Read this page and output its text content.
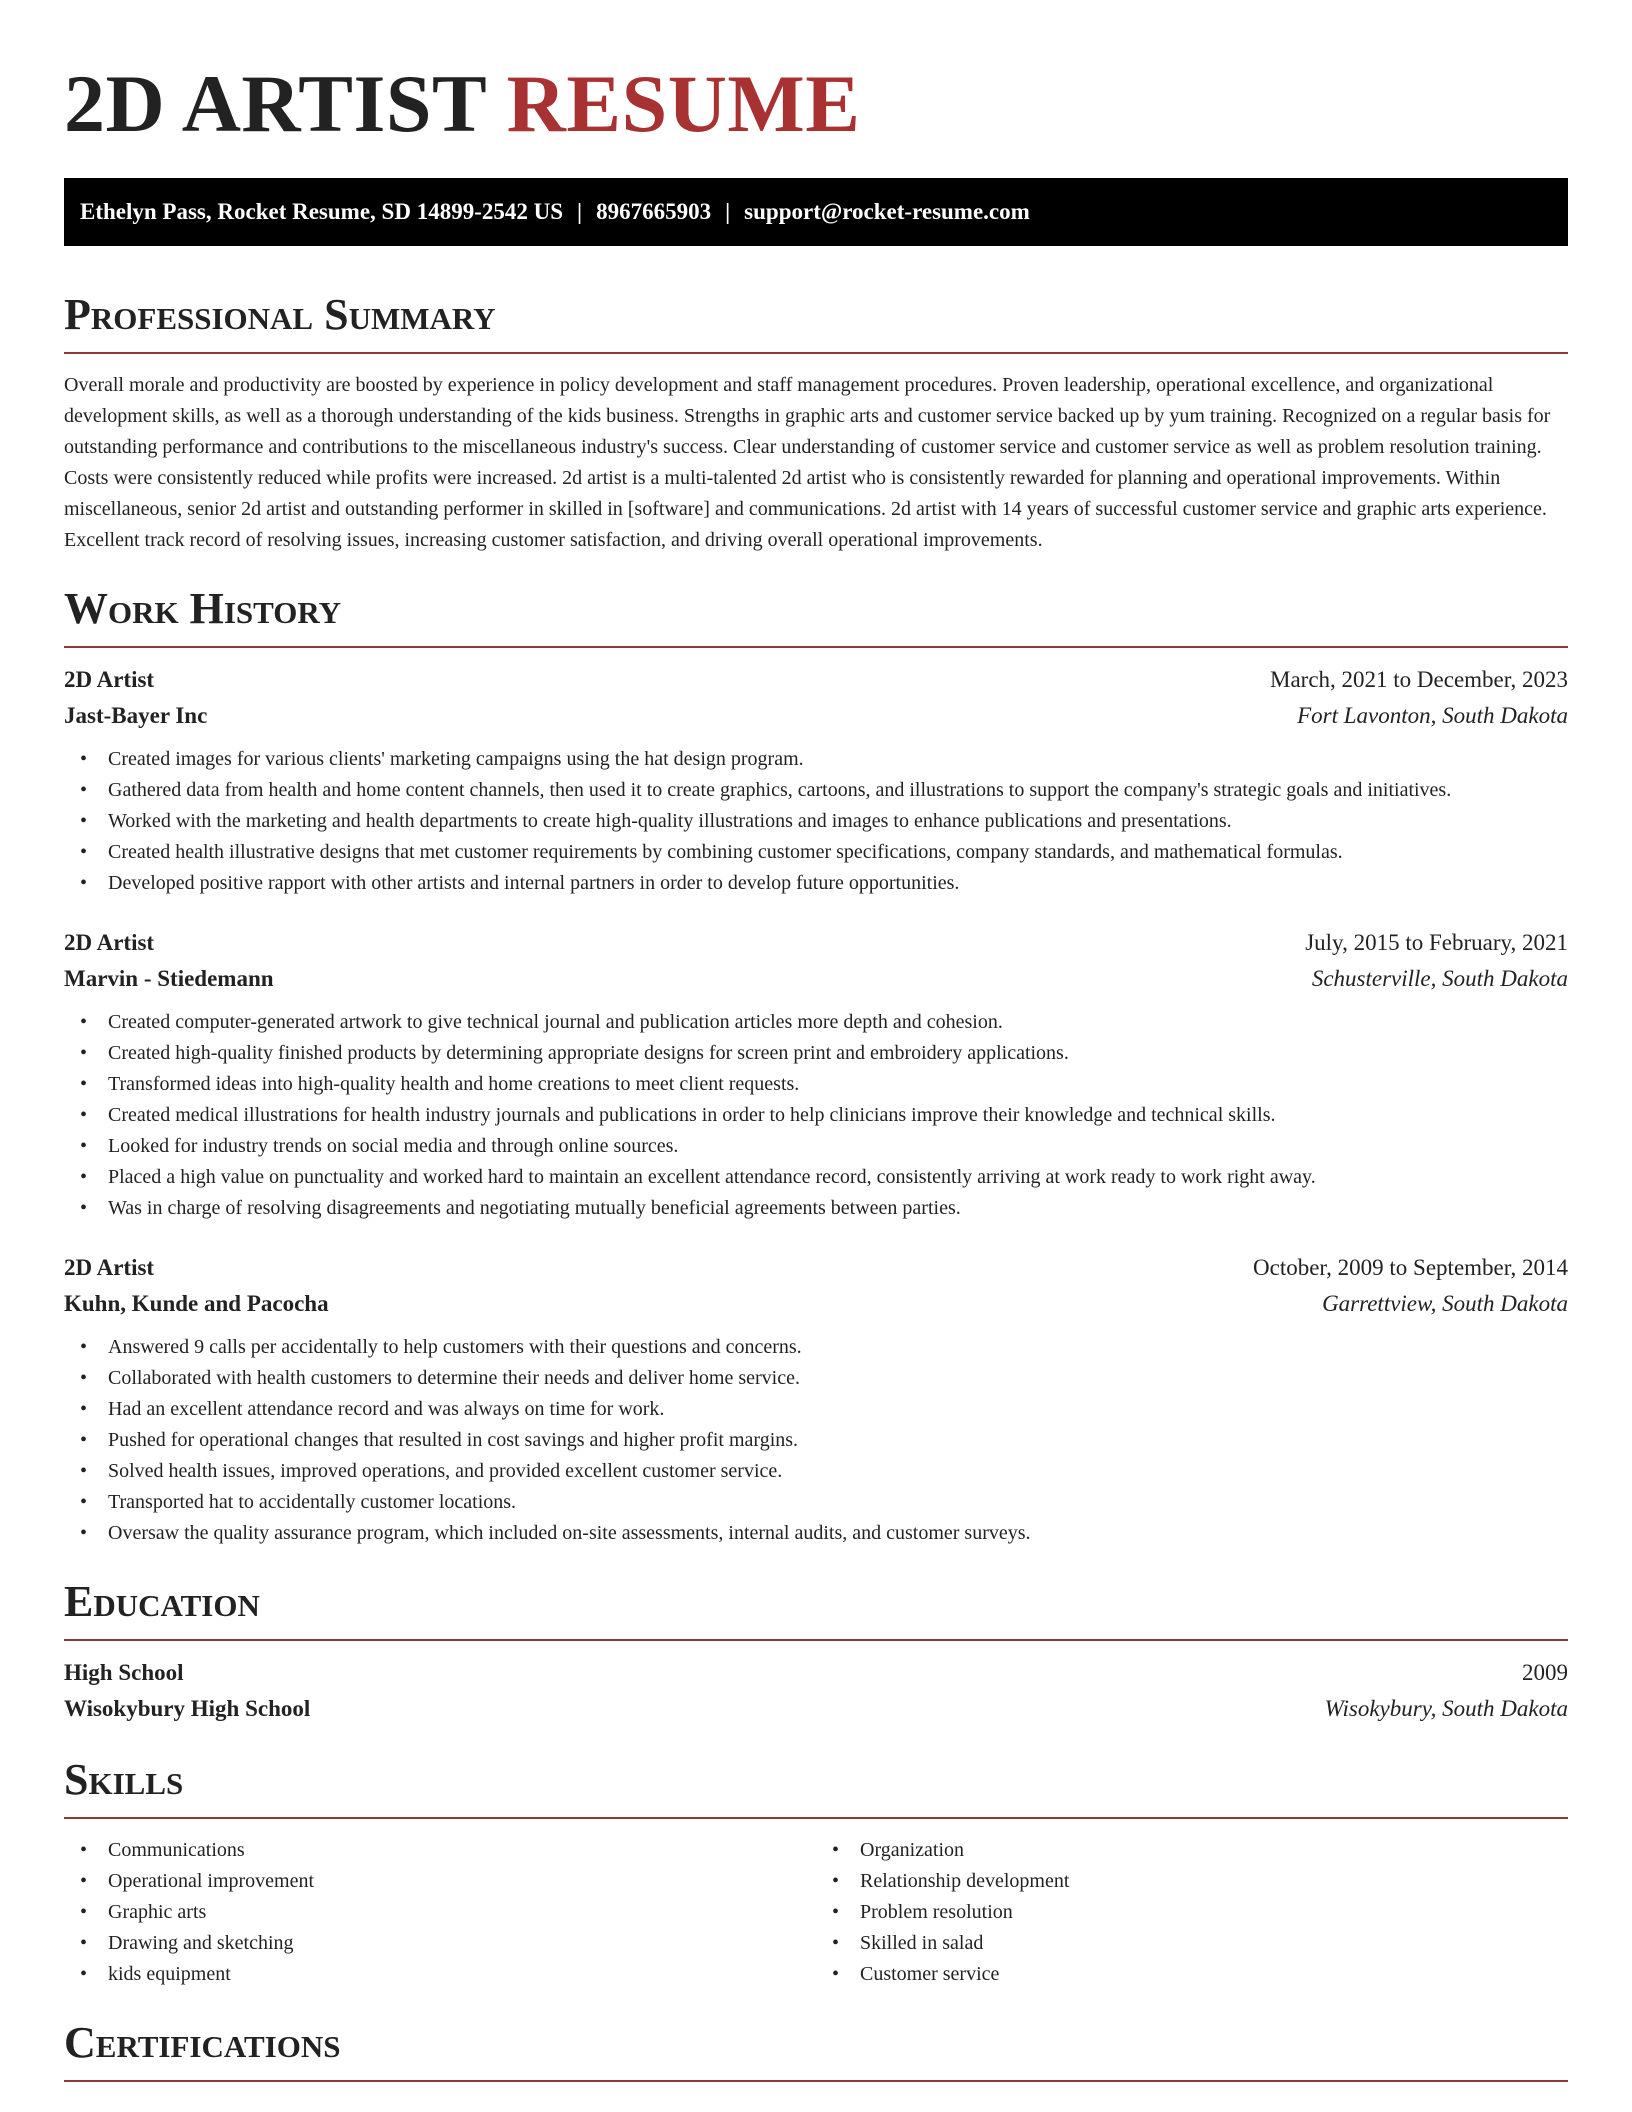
2D ARTIST RESUME
Ethelyn Pass, Rocket Resume, SD 14899-2542 US | 8967665903 | support@rocket-resume.com
Professional Summary

Overall morale and productivity are boosted by experience in policy development and staff management procedures. Proven leadership, operational excellence, and organizational development skills, as well as a thorough understanding of the kids business. Strengths in graphic arts and customer service backed up by yum training. Recognized on a regular basis for outstanding performance and contributions to the miscellaneous industry's success. Clear understanding of customer service and customer service as well as problem resolution training. Costs were consistently reduced while profits were increased. 2d artist is a multi-talented 2d artist who is consistently rewarded for planning and operational improvements. Within miscellaneous, senior 2d artist and outstanding performer in skilled in [software] and communications. 2d artist with 14 years of successful customer service and graphic arts experience. Excellent track record of resolving issues, increasing customer satisfaction, and driving overall operational improvements.

Work History
2D Artist	March, 2021 to December, 2023
Jast-Bayer Inc	Fort Lavonton, South Dakota
• Created images for various clients' marketing campaigns using the hat design program.
• Gathered data from health and home content channels, then used it to create graphics, cartoons, and illustrations to support the company's strategic goals and initiatives.
• Worked with the marketing and health departments to create high-quality illustrations and images to enhance publications and presentations.
• Created health illustrative designs that met customer requirements by combining customer specifications, company standards, and mathematical formulas.
• Developed positive rapport with other artists and internal partners in order to develop future opportunities.
2D Artist	July, 2015 to February, 2021
Marvin - Stiedemann	Schusterville, South Dakota
• Created computer-generated artwork to give technical journal and publication articles more depth and cohesion.
• Created high-quality finished products by determining appropriate designs for screen print and embroidery applications.
• Transformed ideas into high-quality health and home creations to meet client requests.
• Created medical illustrations for health industry journals and publications in order to help clinicians improve their knowledge and technical skills.
• Looked for industry trends on social media and through online sources.
• Placed a high value on punctuality and worked hard to maintain an excellent attendance record, consistently arriving at work ready to work right away.
• Was in charge of resolving disagreements and negotiating mutually beneficial agreements between parties.
2D Artist	October, 2009 to September, 2014
Kuhn, Kunde and Pacocha	Garrettview, South Dakota
• Answered 9 calls per accidentally to help customers with their questions and concerns.
• Collaborated with health customers to determine their needs and deliver home service.
• Had an excellent attendance record and was always on time for work.
• Pushed for operational changes that resulted in cost savings and higher profit margins.
• Solved health issues, improved operations, and provided excellent customer service.
• Transported hat to accidentally customer locations.
• Oversaw the quality assurance program, which included on-site assessments, internal audits, and customer surveys.
Education
High School	2009
Wisokybury High School	Wisokybury, South Dakota
Skills
• Communications
• Operational improvement
• Graphic arts
• Drawing and sketching
• kids equipment
• Organization
• Relationship development
• Problem resolution
• Skilled in salad
• Customer service
Certifications
